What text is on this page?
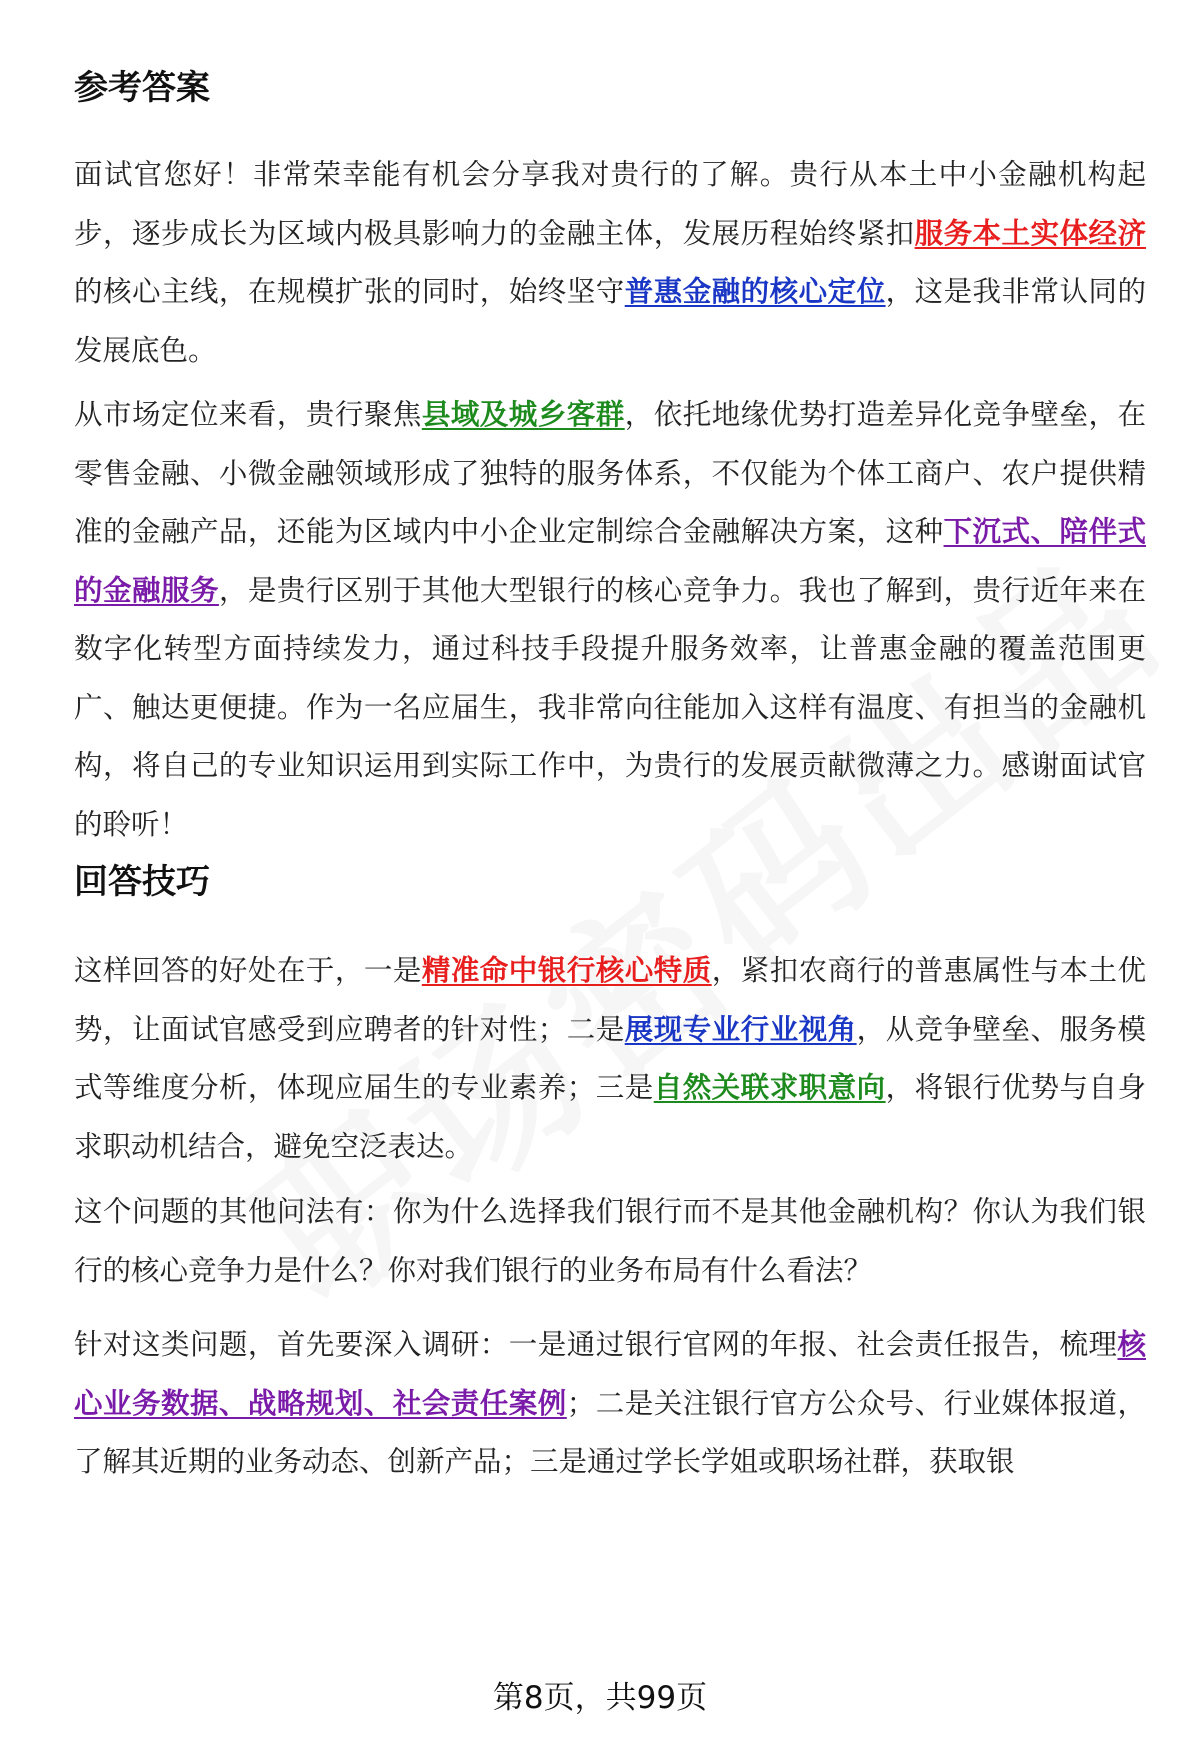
参考答案

面试官您好！非常荣幸能有机会分享我对贵行的了解。贵行从本土中小金融机构起步，逐步成长为区域内极具影响力的金融主体，发展历程始终紧扣服务本土实体经济的核心主线，在规模扩张的同时，始终坚守普惠金融的核心定位，这是我非常认同的发展底色。

从市场定位来看，贵行聚焦县域及城乡客群，依托地缘优势打造差异化竞争壁垒，在零售金融、小微金融领域形成了独特的服务体系，不仅能为个体工商户、农户提供精准的金融产品，还能为区域内中小企业定制综合金融解决方案，这种下沉式、陪伴式的金融服务，是贵行区别于其他大型银行的核心竞争力。我也了解到，贵行近年来在数字化转型方面持续发力，通过科技手段提升服务效率，让普惠金融的覆盖范围更广、触达更便捷。作为一名应届生，我非常向往能加入这样有温度、有担当的金融机构，将自己的专业知识运用到实际工作中，为贵行的发展贡献微薄之力。感谢面试官的聆听！

回答技巧

这样回答的好处在于，一是精准命中银行核心特质，紧扣农商行的普惠属性与本土优势，让面试官感受到应聘者的针对性；二是展现专业行业视角，从竞争壁垒、服务模式等维度分析，体现应届生的专业素养；三是自然关联求职意向，将银行优势与自身求职动机结合，避免空泛表达。

这个问题的其他问法有：你为什么选择我们银行而不是其他金融机构？你认为我们银行的核心竞争力是什么？你对我们银行的业务布局有什么看法？

针对这类问题，首先要深入调研：一是通过银行官网的年报、社会责任报告，梳理核心业务数据、战略规划、社会责任案例；二是关注银行官方公众号、行业媒体报道，了解其近期的业务动态、创新产品；三是通过学长学姐或职场社群，获取银

第8页，共99页
